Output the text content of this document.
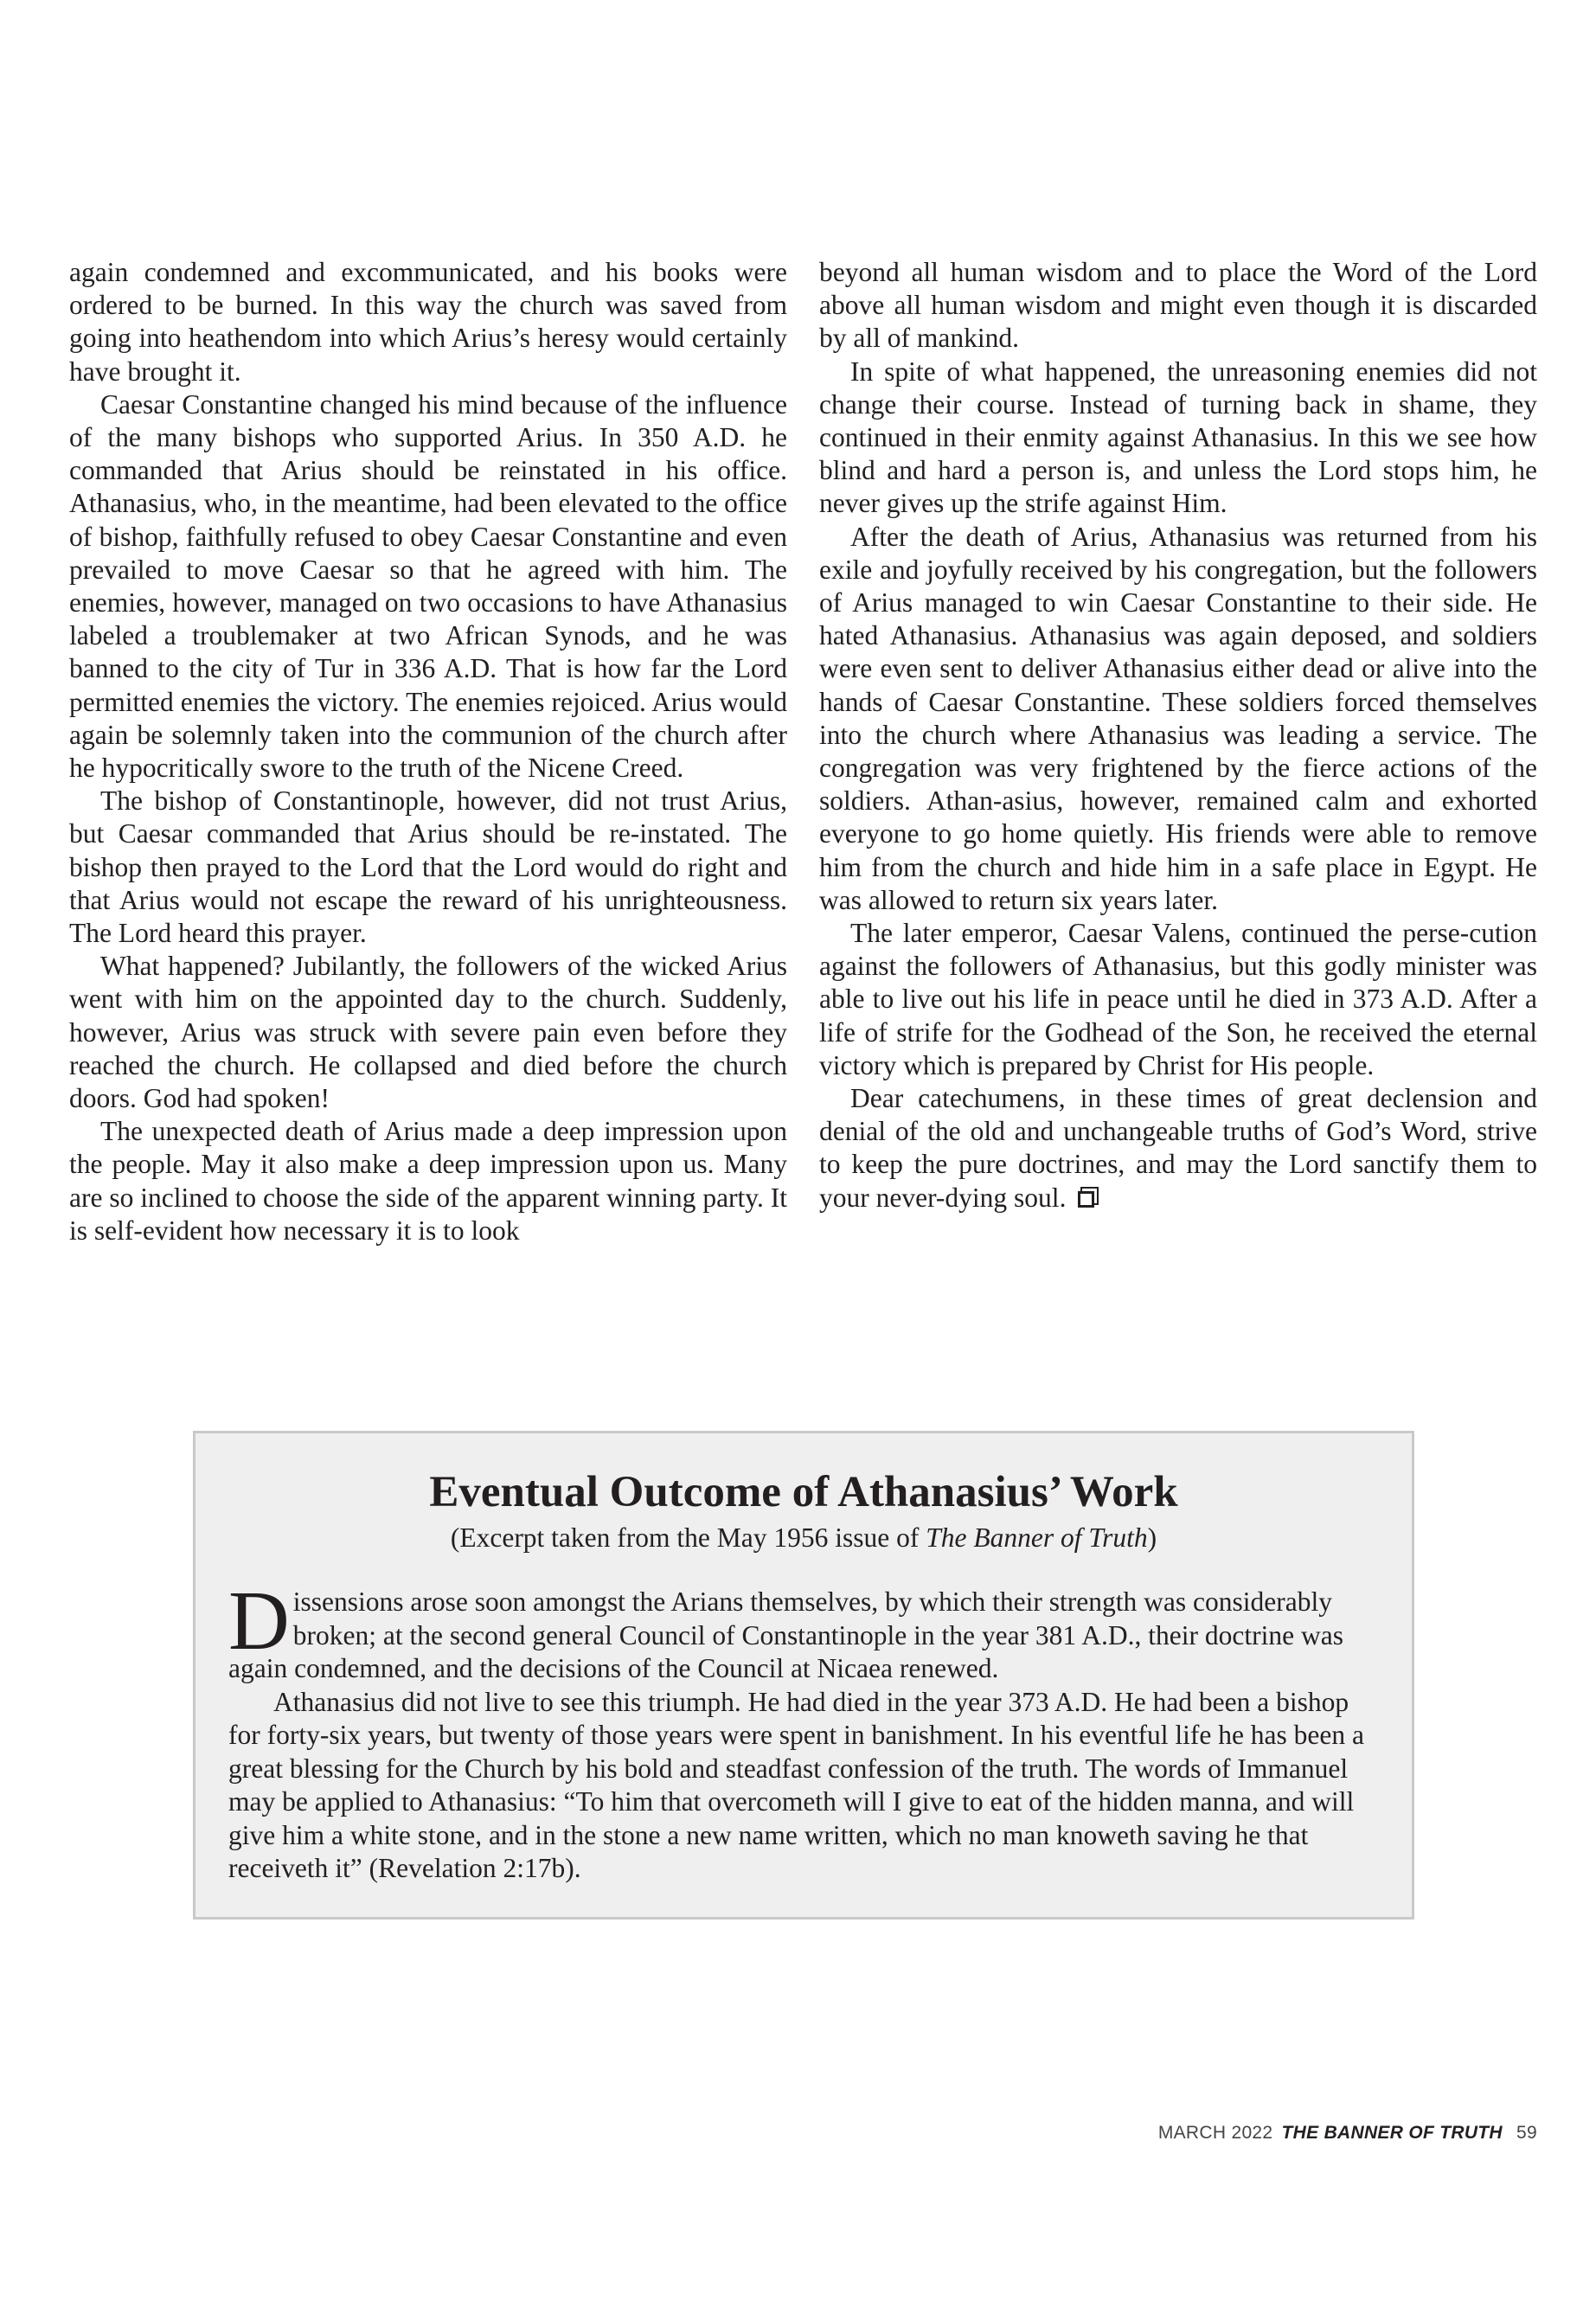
again condemned and excommunicated, and his books were ordered to be burned. In this way the church was saved from going into heathendom into which Arius’s heresy would certainly have brought it.

Caesar Constantine changed his mind because of the influence of the many bishops who supported Arius. In 350 A.D. he commanded that Arius should be reinstated in his office. Athanasius, who, in the meantime, had been elevated to the office of bishop, faithfully refused to obey Caesar Constantine and even prevailed to move Caesar so that he agreed with him. The enemies, however, managed on two occasions to have Athanasius labeled a troublemaker at two African Synods, and he was banned to the city of Tur in 336 A.D. That is how far the Lord permitted enemies the victory. The enemies rejoiced. Arius would again be solemnly taken into the communion of the church after he hypocritically swore to the truth of the Nicene Creed.

The bishop of Constantinople, however, did not trust Arius, but Caesar commanded that Arius should be re-instated. The bishop then prayed to the Lord that the Lord would do right and that Arius would not escape the reward of his unrighteousness. The Lord heard this prayer.

What happened? Jubilantly, the followers of the wicked Arius went with him on the appointed day to the church. Suddenly, however, Arius was struck with severe pain even before they reached the church. He collapsed and died before the church doors. God had spoken!

The unexpected death of Arius made a deep impression upon the people. May it also make a deep impression upon us. Many are so inclined to choose the side of the apparent winning party. It is self-evident how necessary it is to look

beyond all human wisdom and to place the Word of the Lord above all human wisdom and might even though it is discarded by all of mankind.

In spite of what happened, the unreasoning enemies did not change their course. Instead of turning back in shame, they continued in their enmity against Athanasius. In this we see how blind and hard a person is, and unless the Lord stops him, he never gives up the strife against Him.

After the death of Arius, Athanasius was returned from his exile and joyfully received by his congregation, but the followers of Arius managed to win Caesar Constantine to their side. He hated Athanasius. Athanasius was again deposed, and soldiers were even sent to deliver Athanasius either dead or alive into the hands of Caesar Constantine. These soldiers forced themselves into the church where Athanasius was leading a service. The congregation was very frightened by the fierce actions of the soldiers. Athan-asius, however, remained calm and exhorted everyone to go home quietly. His friends were able to remove him from the church and hide him in a safe place in Egypt. He was allowed to return six years later.

The later emperor, Caesar Valens, continued the perse-cution against the followers of Athanasius, but this godly minister was able to live out his life in peace until he died in 373 A.D. After a life of strife for the Godhead of the Son, he received the eternal victory which is prepared by Christ for His people.

Dear catechumens, in these times of great declension and denial of the old and unchangeable truths of God’s Word, strive to keep the pure doctrines, and may the Lord sanctify them to your never-dying soul.

Eventual Outcome of Athanasius’ Work
(Excerpt taken from the May 1956 issue of The Banner of Truth)

Dissensions arose soon amongst the Arians themselves, by which their strength was considerably broken; at the second general Council of Constantinople in the year 381 A.D., their doctrine was again condemned, and the decisions of the Council at Nicaea renewed.

Athanasius did not live to see this triumph. He had died in the year 373 A.D. He had been a bishop for forty-six years, but twenty of those years were spent in banishment. In his eventful life he has been a great blessing for the Church by his bold and steadfast confession of the truth. The words of Immanuel may be applied to Athanasius: “To him that overcometh will I give to eat of the hidden manna, and will give him a white stone, and in the stone a new name written, which no man knoweth saving he that receiveth it” (Revelation 2:17b).

MARCH 2022 THE BANNER OF TRUTH 59
